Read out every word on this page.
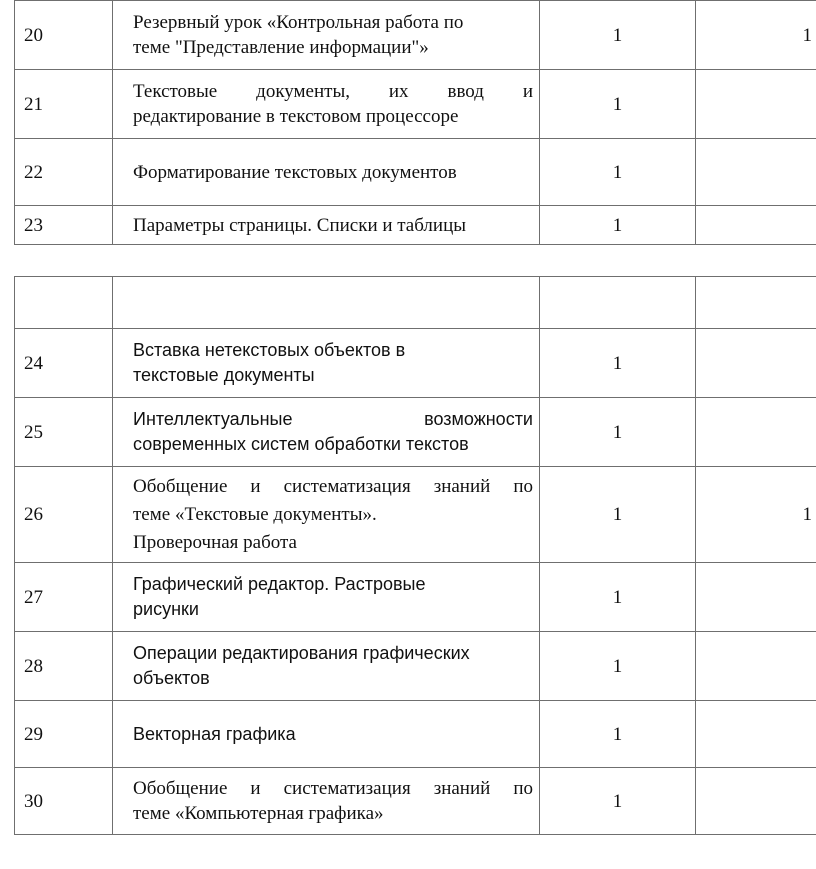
20	Резервный урок «Контрольная работа по
теме "Представление информации"»	1	1
21	Текстовые документы, их ввод и
редактирование в текстовом процессоре	1	
22	Форматирование текстовых документов	1	
23	Параметры страницы. Списки и таблицы	1	

24	Вставка нетекстовых объектов в
текстовые документы	1	
25	Интеллектуальные возможности
современных систем обработки текстов	1	
26	Обобщение и систематизация знаний по
теме «Текстовые документы».
Проверочная работа	1	1
27	Графический редактор. Растровые
рисунки	1	
28	Операции редактирования графических
объектов	1	
29	Векторная графика	1	
30	Обобщение и систематизация знаний по
теме «Компьютерная графика»	1	
